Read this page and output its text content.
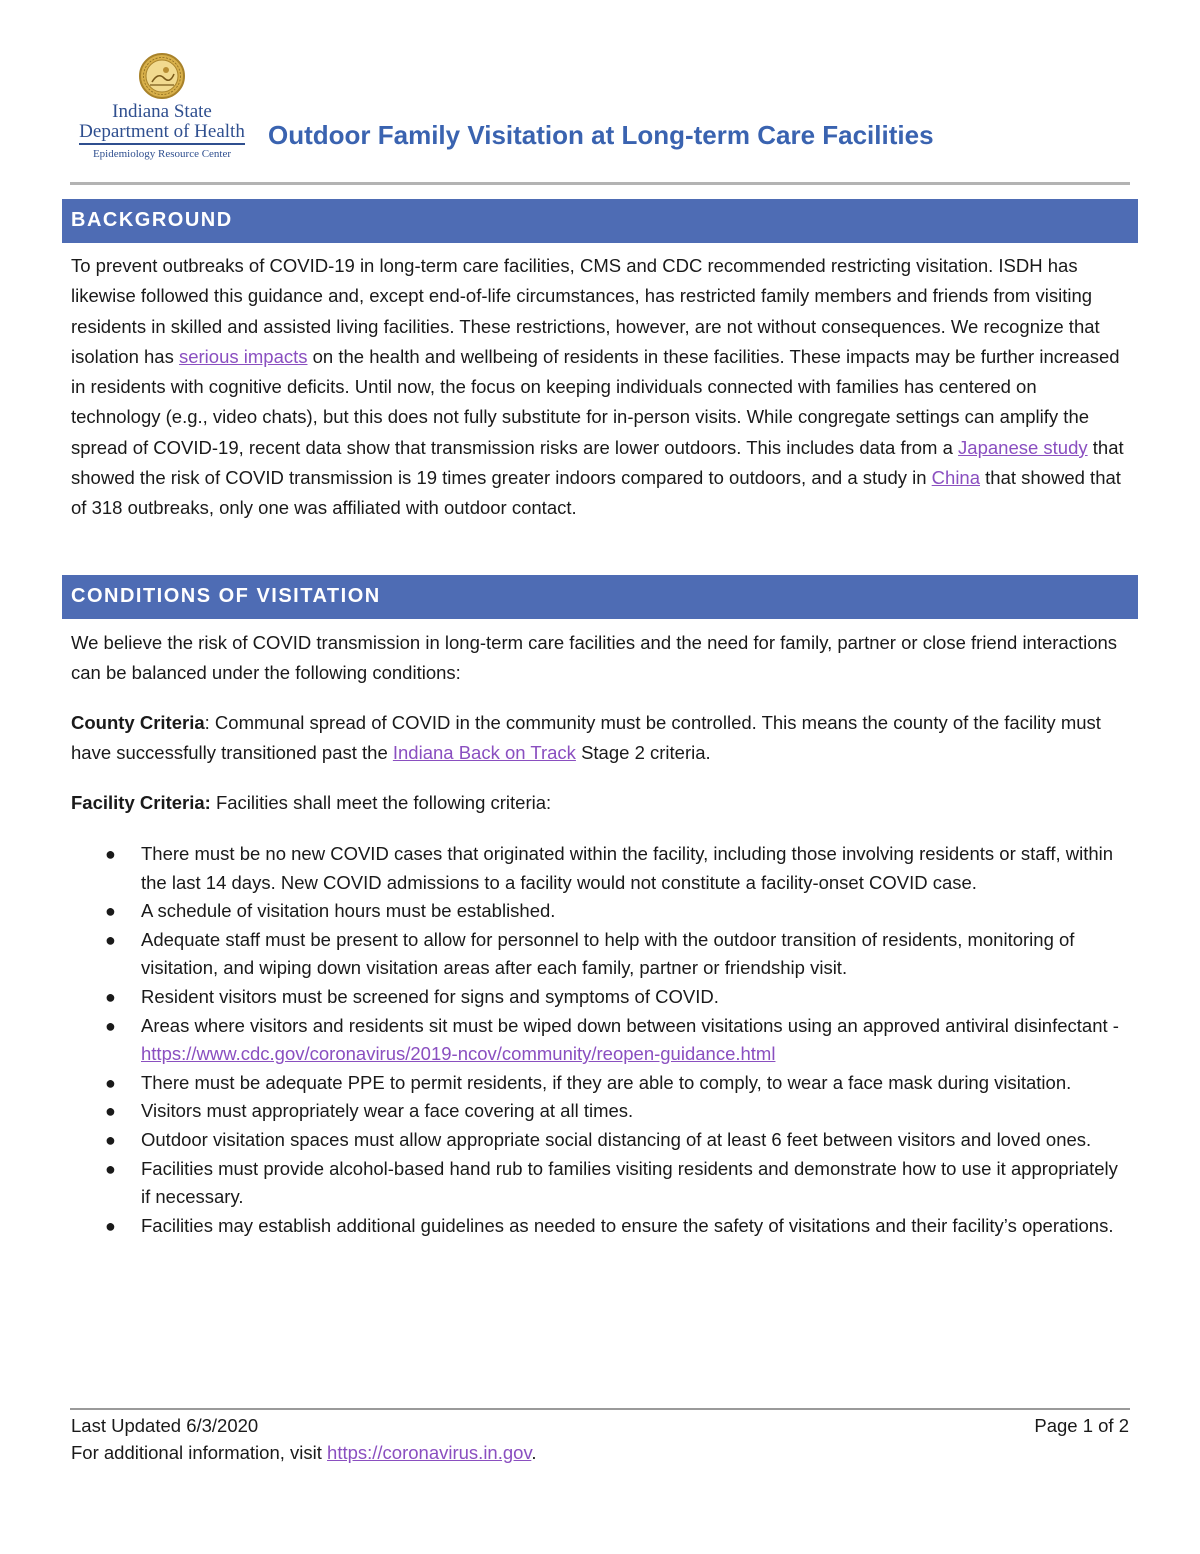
Indiana State
Department of Health
Epidemiology Resource Center
Outdoor Family Visitation at Long-term Care Facilities
BACKGROUND
To prevent outbreaks of COVID-19 in long-term care facilities, CMS and CDC recommended restricting visitation. ISDH has likewise followed this guidance and, except end-of-life circumstances, has restricted family members and friends from visiting residents in skilled and assisted living facilities. These restrictions, however, are not without consequences. We recognize that isolation has serious impacts on the health and wellbeing of residents in these facilities. These impacts may be further increased in residents with cognitive deficits. Until now, the focus on keeping individuals connected with families has centered on technology (e.g., video chats), but this does not fully substitute for in-person visits. While congregate settings can amplify the spread of COVID-19, recent data show that transmission risks are lower outdoors. This includes data from a Japanese study that showed the risk of COVID transmission is 19 times greater indoors compared to outdoors, and a study in China that showed that of 318 outbreaks, only one was affiliated with outdoor contact.
CONDITIONS OF VISITATION
We believe the risk of COVID transmission in long-term care facilities and the need for family, partner or close friend interactions can be balanced under the following conditions:
County Criteria: Communal spread of COVID in the community must be controlled. This means the county of the facility must have successfully transitioned past the Indiana Back on Track Stage 2 criteria.
Facility Criteria: Facilities shall meet the following criteria:
● There must be no new COVID cases that originated within the facility, including those involving residents or staff, within the last 14 days. New COVID admissions to a facility would not constitute a facility-onset COVID case.
● A schedule of visitation hours must be established.
● Adequate staff must be present to allow for personnel to help with the outdoor transition of residents, monitoring of visitation, and wiping down visitation areas after each family, partner or friendship visit.
● Resident visitors must be screened for signs and symptoms of COVID.
● Areas where visitors and residents sit must be wiped down between visitations using an approved antiviral disinfectant - https://www.cdc.gov/coronavirus/2019-ncov/community/reopen-guidance.html
● There must be adequate PPE to permit residents, if they are able to comply, to wear a face mask during visitation.
● Visitors must appropriately wear a face covering at all times.
● Outdoor visitation spaces must allow appropriate social distancing of at least 6 feet between visitors and loved ones.
● Facilities must provide alcohol-based hand rub to families visiting residents and demonstrate how to use it appropriately if necessary.
● Facilities may establish additional guidelines as needed to ensure the safety of visitations and their facility’s operations.
Last Updated 6/3/2020	Page 1 of 2
For additional information, visit https://coronavirus.in.gov.
